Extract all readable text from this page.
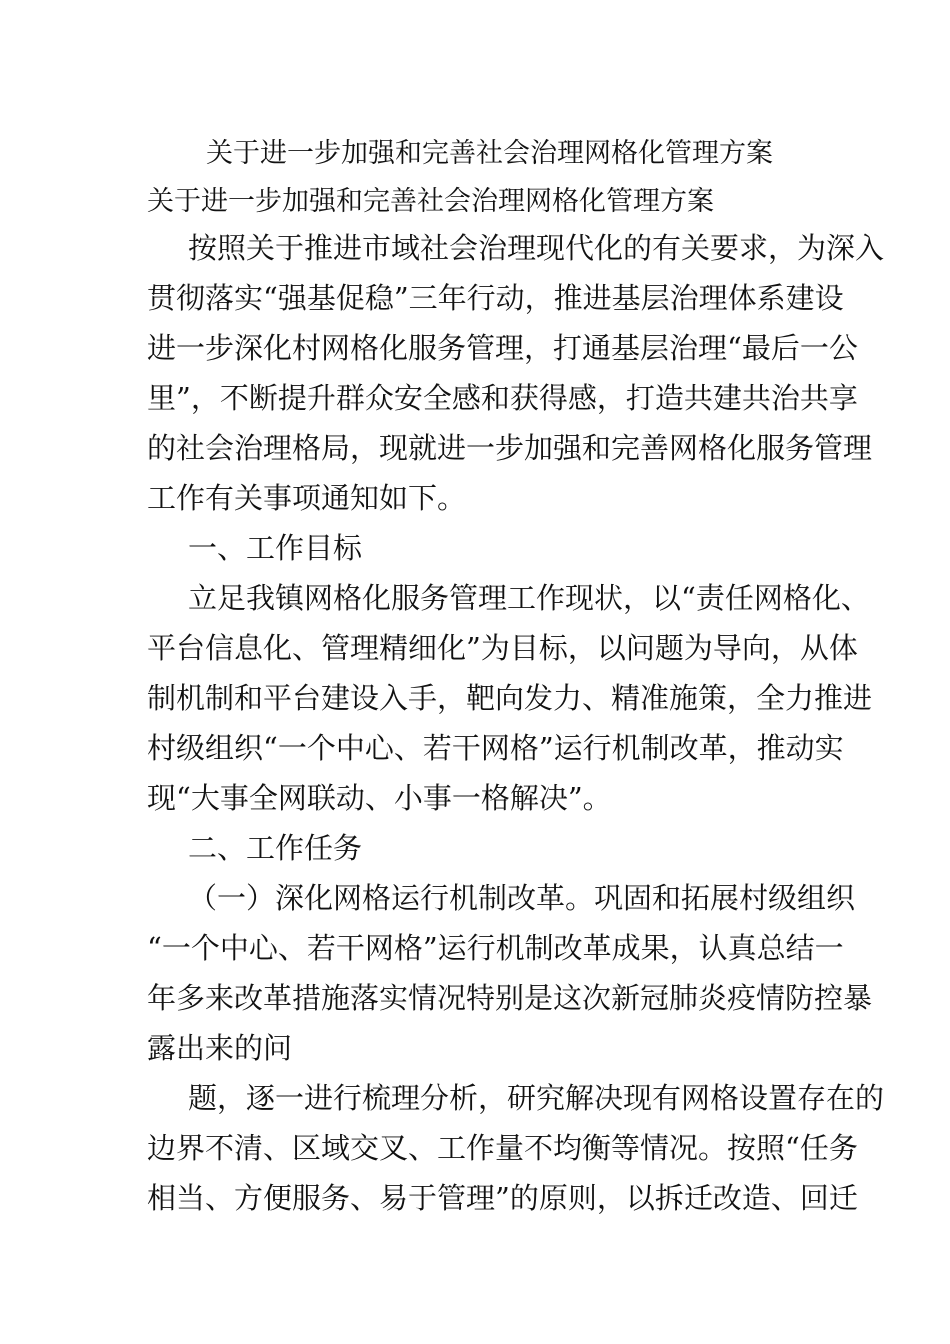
关于进一步加强和完善社会治理网格化管理方案
关于进一步加强和完善社会治理网格化管理方案
按照关于推进市域社会治理现代化的有关要求，为深入
贯彻落实“强基促稳”三年行动，推进基层治理体系建设
进一步深化村网格化服务管理，打通基层治理“最后一公
里”，不断提升群众安全感和获得感，打造共建共治共享
的社会治理格局，现就进一步加强和完善网格化服务管理
工作有关事项通知如下。
一、工作目标
立足我镇网格化服务管理工作现状，以“责任网格化、
平台信息化、管理精细化”为目标，以问题为导向，从体
制机制和平台建设入手，靶向发力、精准施策，全力推进
村级组织“一个中心、若干网格”运行机制改革，推动实
现“大事全网联动、小事一格解决”。
二、工作任务
（一）深化网格运行机制改革。巩固和拓展村级组织
“一个中心、若干网格”运行机制改革成果，认真总结一
年多来改革措施落实情况特别是这次新冠肺炎疫情防控暴
露出来的问
题，逐一进行梳理分析，研究解决现有网格设置存在的
边界不清、区域交叉、工作量不均衡等情况。按照“任务
相当、方便服务、易于管理”的原则，以拆迁改造、回迁
